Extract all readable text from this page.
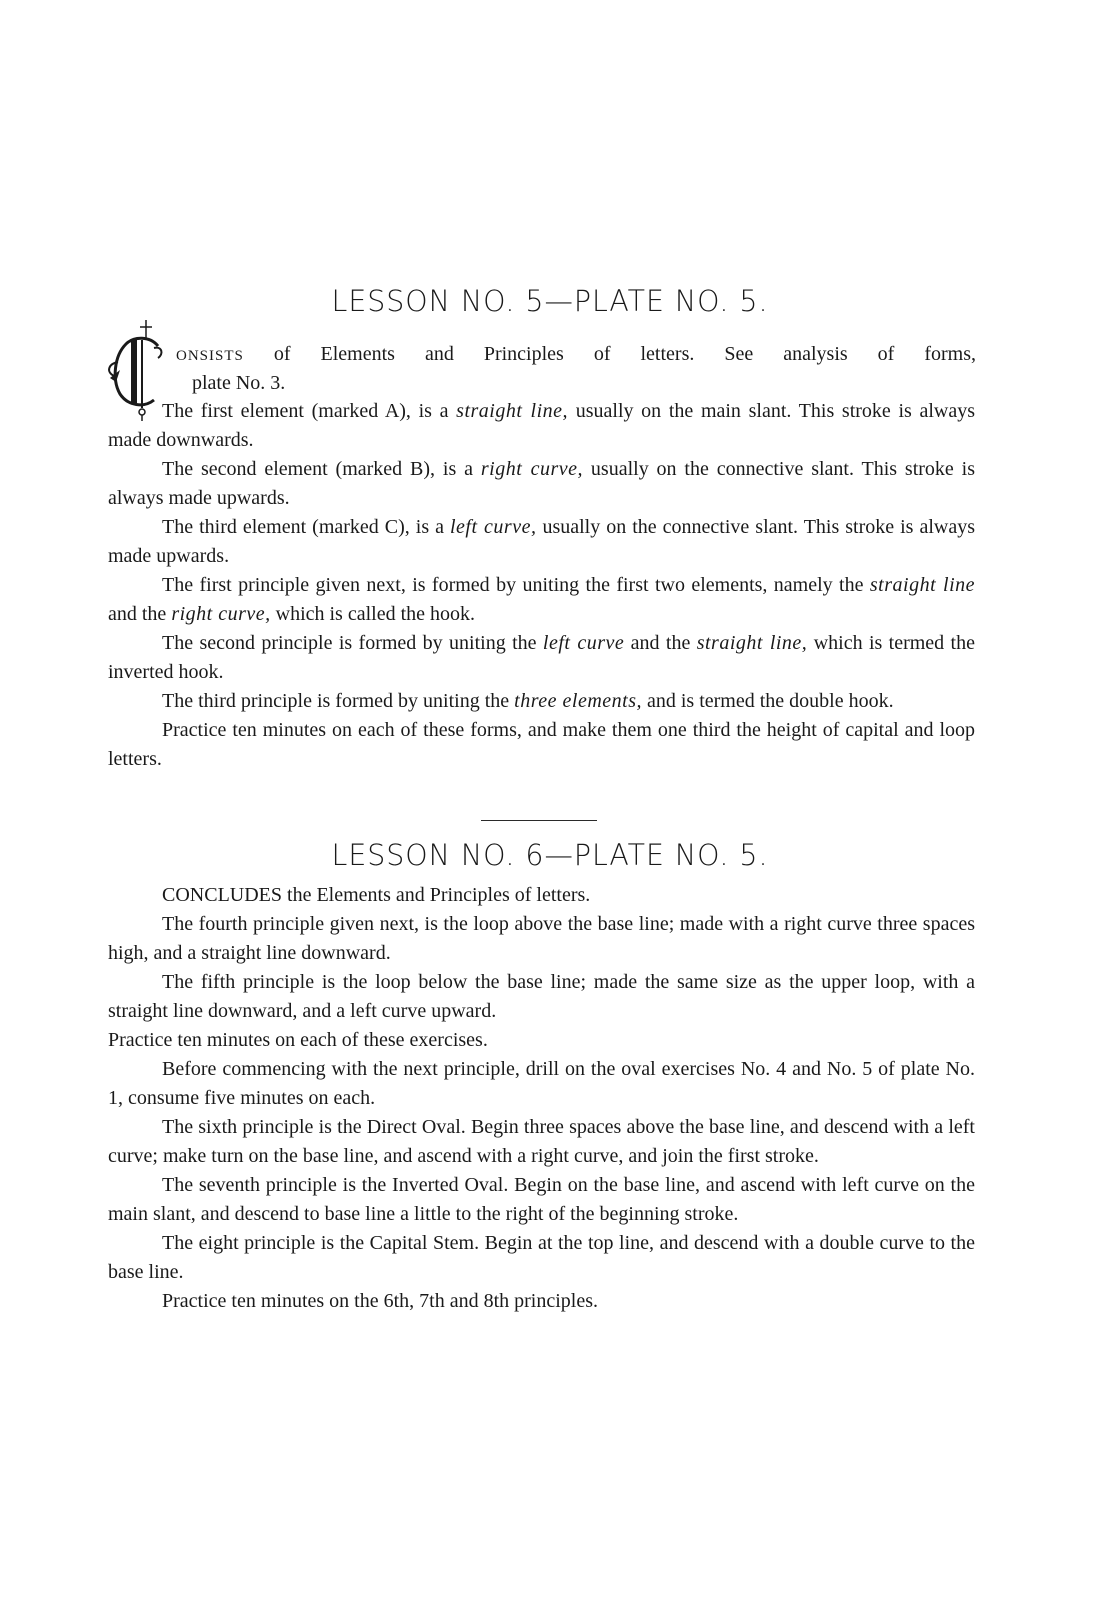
LESSON NO. 5—PLATE NO. 5.
ONSISTS of Elements and Principles of letters. See analysis of forms,
plate No. 3.

The first element (marked A), is a straight line, usually on the main slant. This stroke is always made downwards.

The second element (marked B), is a right curve, usually on the connective slant. This stroke is always made upwards.

The third element (marked C), is a left curve, usually on the connective slant. This stroke is always made upwards.

The first principle given next, is formed by uniting the first two elements, namely the straight line and the right curve, which is called the hook.

The second principle is formed by uniting the left curve and the straight line, which is termed the inverted hook.

The third principle is formed by uniting the three elements, and is termed the double hook.

Practice ten minutes on each of these forms, and make them one third the height of capital and loop letters.

LESSON NO. 6—PLATE NO. 5.

CONCLUDES the Elements and Principles of letters.

The fourth principle given next, is the loop above the base line; made with a right curve three spaces high, and a straight line downward.

The fifth principle is the loop below the base line; made the same size as the upper loop, with a straight line downward, and a left curve upward.

Practice ten minutes on each of these exercises.

Before commencing with the next principle, drill on the oval exercises No. 4 and No. 5 of plate No. 1, consume five minutes on each.

The sixth principle is the Direct Oval. Begin three spaces above the base line, and descend with a left curve; make turn on the base line, and ascend with a right curve, and join the first stroke.

The seventh principle is the Inverted Oval. Begin on the base line, and ascend with left curve on the main slant, and descend to base line a little to the right of the beginning stroke.

The eight principle is the Capital Stem. Begin at the top line, and descend with a double curve to the base line.

Practice ten minutes on the 6th, 7th and 8th principles.
